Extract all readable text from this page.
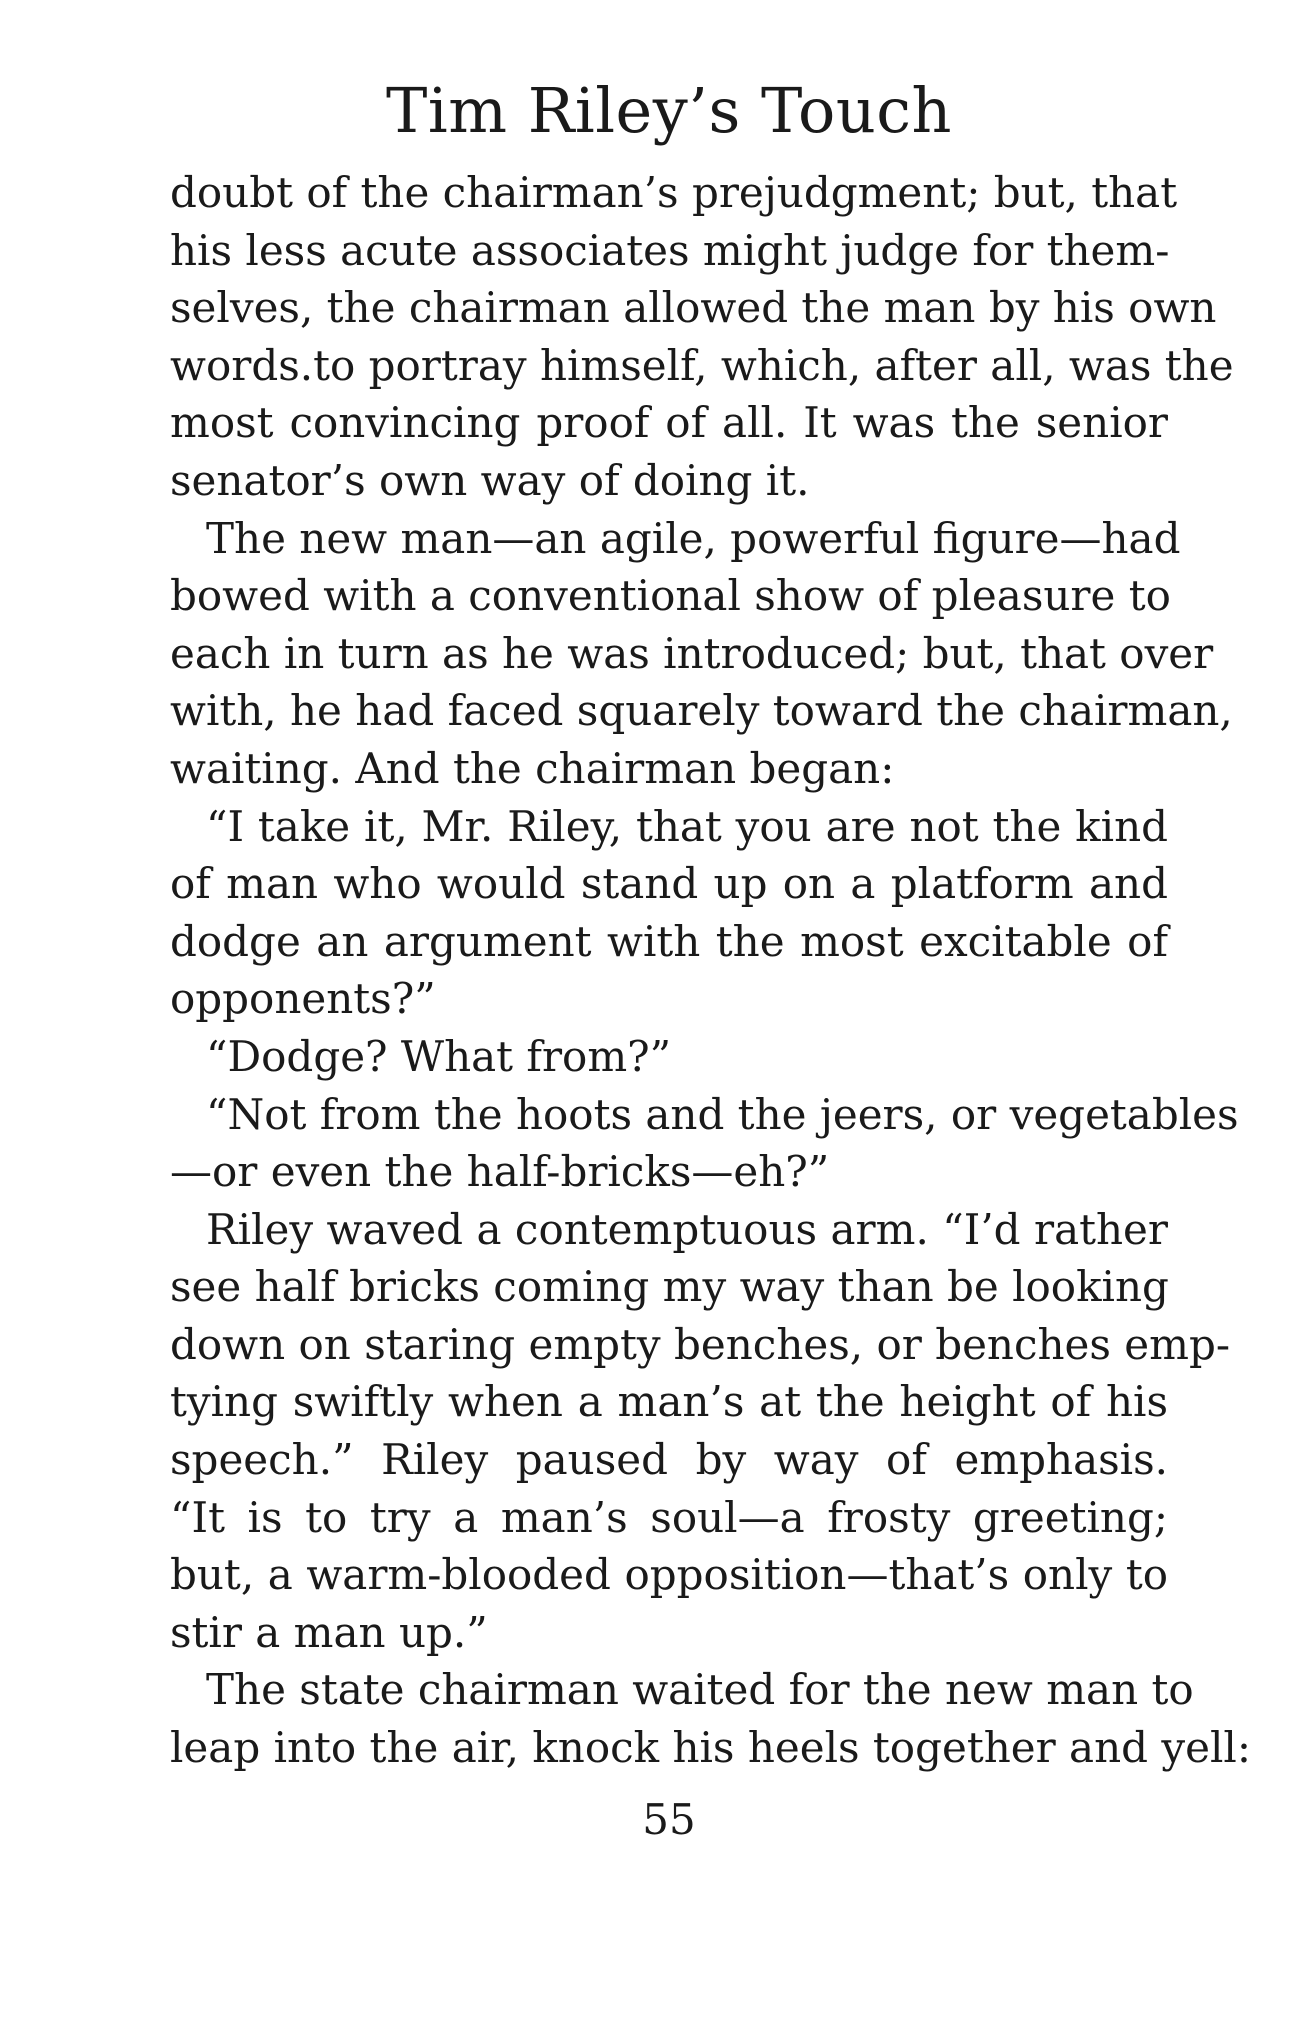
Tim Riley’s Touch
doubt of the chairman’s prejudgment; but, that
his less acute associates might judge for them-
selves, the chairman allowed the man by his own
words.to portray himself, which, after all, was the
most convincing proof of all. It was the senior
senator’s own way of doing it.
The new man—an agile, powerful figure—had
bowed with a conventional show of pleasure to
each in turn as he was introduced; but, that over
with, he had faced squarely toward the chairman,
waiting. And the chairman began:
“I take it, Mr. Riley, that you are not the kind
of man who would stand up on a platform and
dodge an argument with the most excitable of
opponents?”
“Dodge? What from?”
“Not from the hoots and the jeers, or vegetables
—or even the half-bricks—eh?”
Riley waved a contemptuous arm. “I’d rather
see half bricks coming my way than be looking
down on staring empty benches, or benches emp-
tying swiftly when a man’s at the height of his
speech.” Riley paused by way of emphasis.
“It is to try a man’s soul—a frosty greeting;
but, a warm-blooded opposition—that’s only to
stir a man up.”
The state chairman waited for the new man to
leap into the air, knock his heels together and yell:
55
